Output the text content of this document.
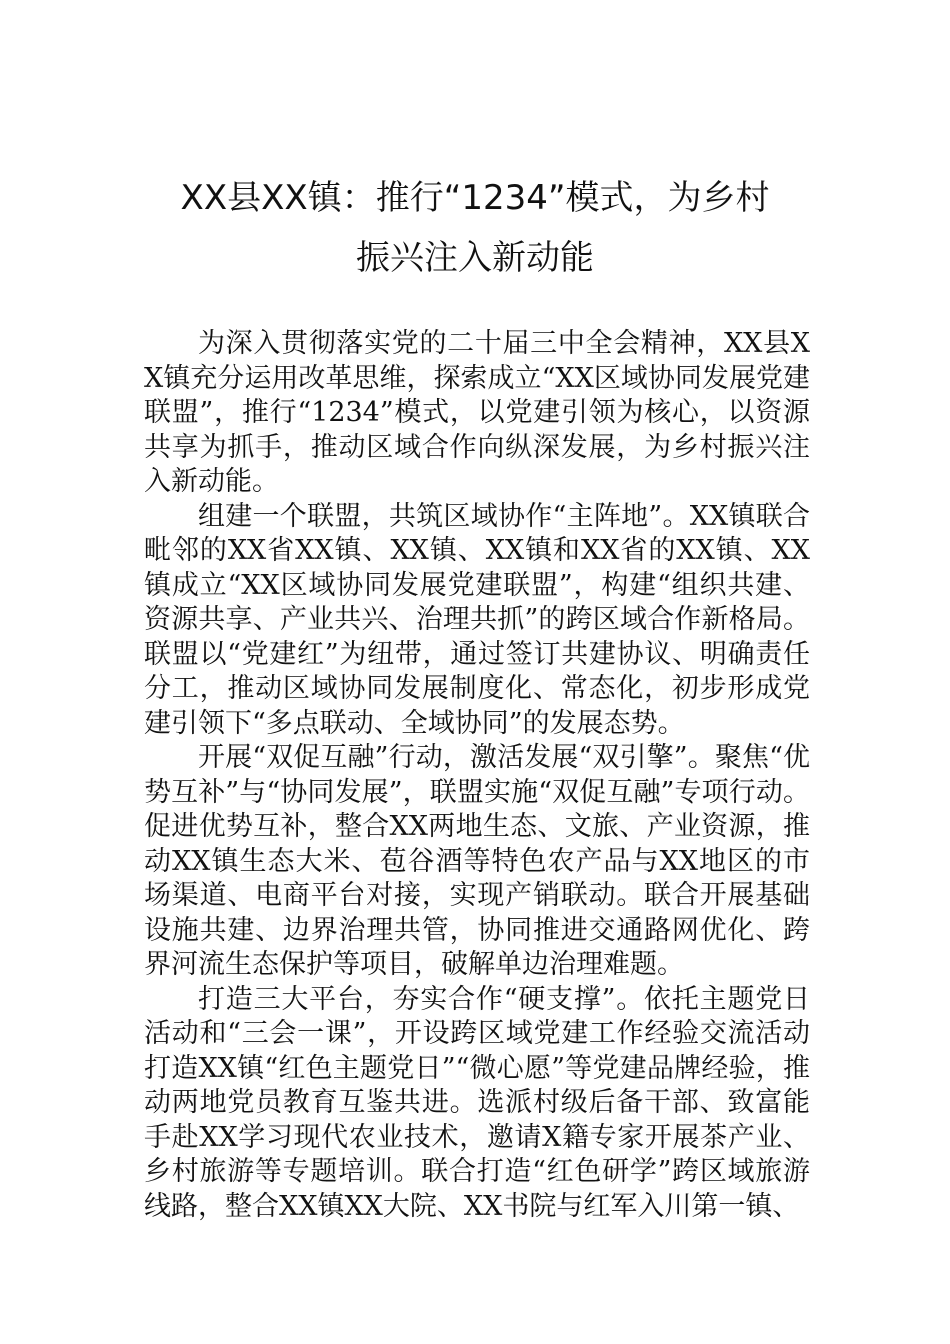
XX县XX镇：推行“1234”模式，为乡村
振兴注入新动能

为深入贯彻落实党的二十届三中全会精神，XX县XX镇充分运用改革思维，探索成立“XX区域协同发展党建联盟”，推行“1234”模式，以党建引领为核心，以资源共享为抓手，推动区域合作向纵深发展，为乡村振兴注入新动能。

组建一个联盟，共筑区域协作“主阵地”。XX镇联合毗邻的XX省XX镇、XX镇、XX镇和XX省的XX镇、XX镇成立“XX区域协同发展党建联盟”，构建“组织共建、资源共享、产业共兴、治理共抓”的跨区域合作新格局。联盟以“党建红”为纽带，通过签订共建协议、明确责任分工，推动区域协同发展制度化、常态化，初步形成党建引领下“多点联动、全域协同”的发展态势。

开展“双促互融”行动，激活发展“双引擎”。聚焦“优势互补”与“协同发展”，联盟实施“双促互融”专项行动。促进优势互补，整合XX两地生态、文旅、产业资源，推动XX镇生态大米、苞谷酒等特色农产品与XX地区的市场渠道、电商平台对接，实现产销联动。联合开展基础设施共建、边界治理共管，协同推进交通路网优化、跨界河流生态保护等项目，破解单边治理难题。

打造三大平台，夯实合作“硬支撑”。依托主题党日活动和“三会一课”，开设跨区域党建工作经验交流活动打造XX镇“红色主题党日”“微心愿”等党建品牌经验，推动两地党员教育互鉴共进。选派村级后备干部、致富能手赴XX学习现代农业技术，邀请X籍专家开展茶产业、乡村旅游等专题培训。联合打造“红色研学”跨区域旅游线路，整合XX镇XX大院、XX书院与红军入川第一镇、
